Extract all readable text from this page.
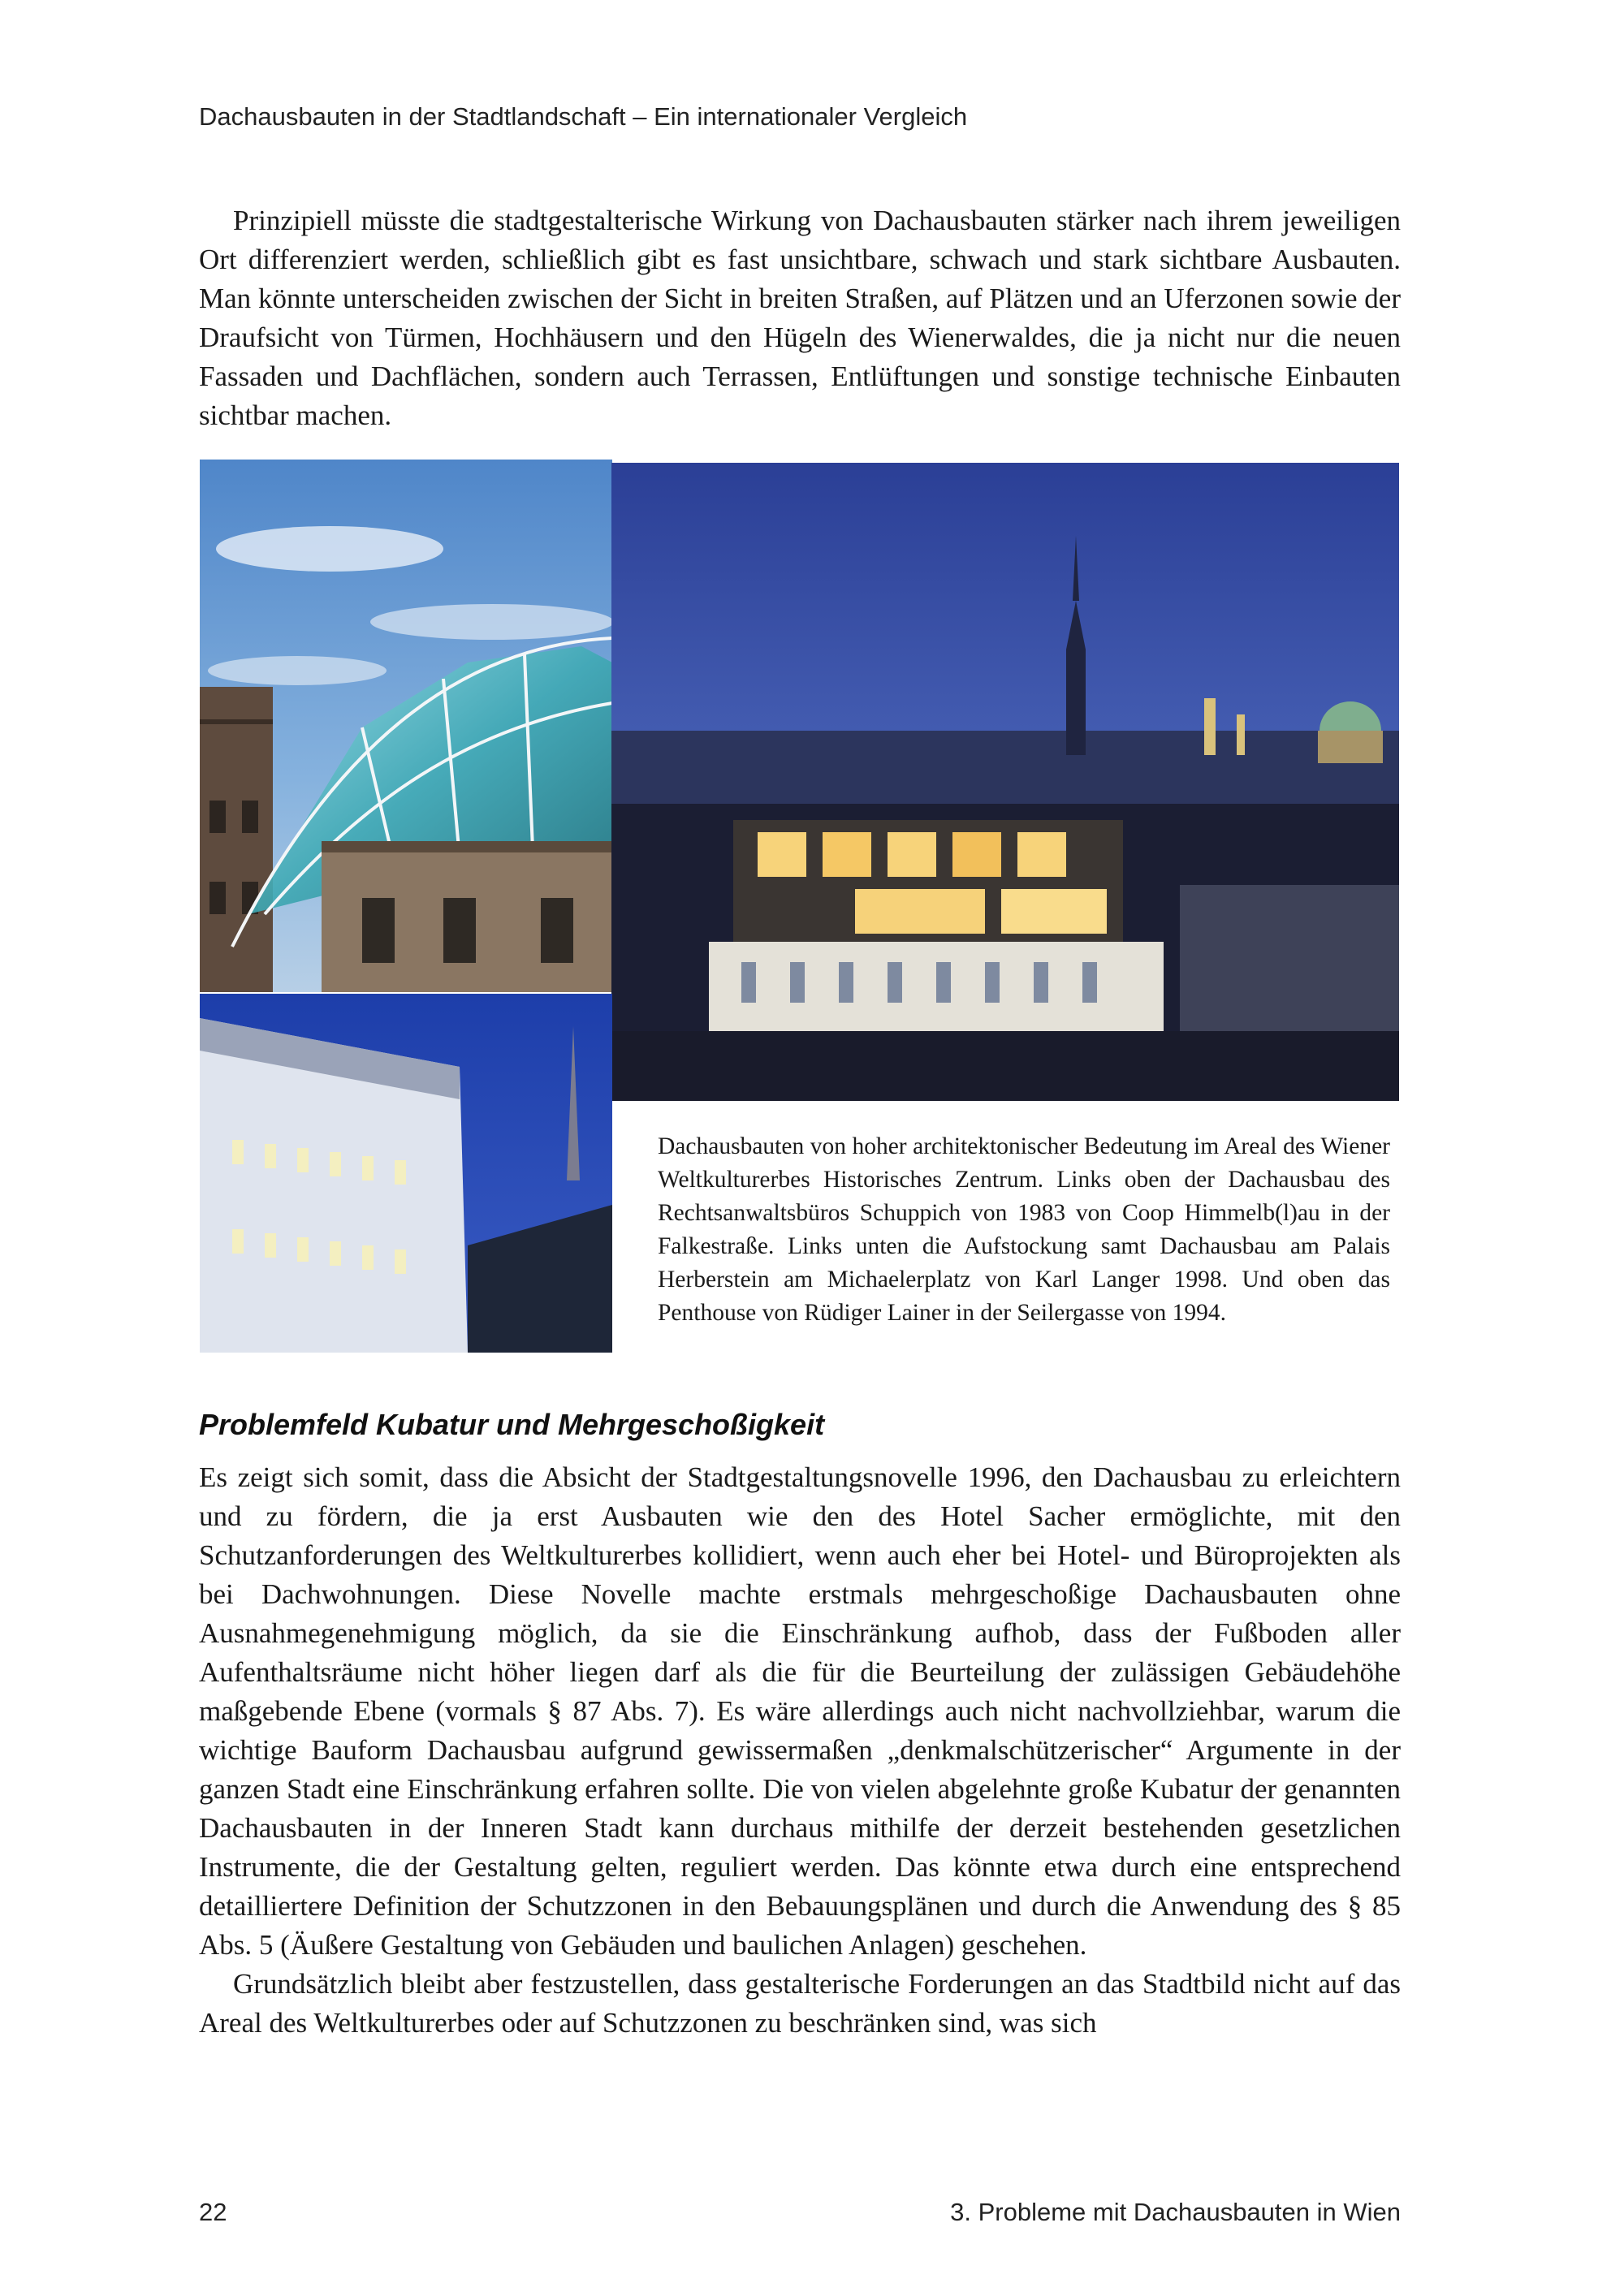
Dachausbauten in der Stadtlandschaft – Ein internationaler Vergleich

Prinzipiell müsste die stadtgestalterische Wirkung von Dachausbauten stärker nach ihrem jeweiligen Ort differenziert werden, schließlich gibt es fast unsichtbare, schwach und stark sichtbare Ausbauten. Man könnte unterscheiden zwischen der Sicht in breiten Straßen, auf Plätzen und an Uferzonen sowie der Draufsicht von Türmen, Hochhäusern und den Hügeln des Wienerwaldes, die ja nicht nur die neuen Fassaden und Dachflächen, sondern auch Terrassen, Entlüftungen und sonstige technische Einbauten sichtbar machen.

Dachausbauten von hoher architektonischer Bedeutung im Areal des Wiener Weltkulturerbes Historisches Zentrum. Links oben der Dachausbau des Rechtsanwaltsbüros Schuppich von 1983 von Coop Himmelb(l)au in der Falkestraße. Links unten die Aufstockung samt Dachausbau am Palais Herberstein am Michaelerplatz von Karl Langer 1998. Und oben das Penthouse von Rüdiger Lainer in der Seilergasse von 1994.
Problemfeld Kubatur und Mehrgeschoßigkeit

Es zeigt sich somit, dass die Absicht der Stadtgestaltungsnovelle 1996, den Dachausbau zu erleichtern und zu fördern, die ja erst Ausbauten wie den des Hotel Sacher ermöglichte, mit den Schutzanforderungen des Weltkulturerbes kollidiert, wenn auch eher bei Hotel- und Büroprojekten als bei Dachwohnungen. Diese Novelle machte erstmals mehrgeschoßige Dachausbauten ohne Ausnahmegenehmigung möglich, da sie die Einschränkung aufhob, dass der Fußboden aller Aufenthaltsräume nicht höher liegen darf als die für die Beurteilung der zulässigen Gebäudehöhe maßgebende Ebene (vormals § 87 Abs. 7). Es wäre allerdings auch nicht nachvollziehbar, warum die wichtige Bauform Dachausbau aufgrund gewissermaßen „denkmalschützerischer“ Argumente in der ganzen Stadt eine Einschränkung erfahren sollte. Die von vielen abgelehnte große Kubatur der genannten Dachausbauten in der Inneren Stadt kann durchaus mithilfe der derzeit bestehenden gesetzlichen Instrumente, die der Gestaltung gelten, reguliert werden. Das könnte etwa durch eine entsprechend detailliertere Definition der Schutzzonen in den Bebauungsplänen und durch die Anwendung des § 85 Abs. 5 (Äußere Gestaltung von Gebäuden und baulichen Anlagen) geschehen.

Grundsätzlich bleibt aber festzustellen, dass gestalterische Forderungen an das Stadtbild nicht auf das Areal des Weltkulturerbes oder auf Schutzzonen zu beschränken sind, was sich

22	3. Probleme mit Dachausbauten in Wien
